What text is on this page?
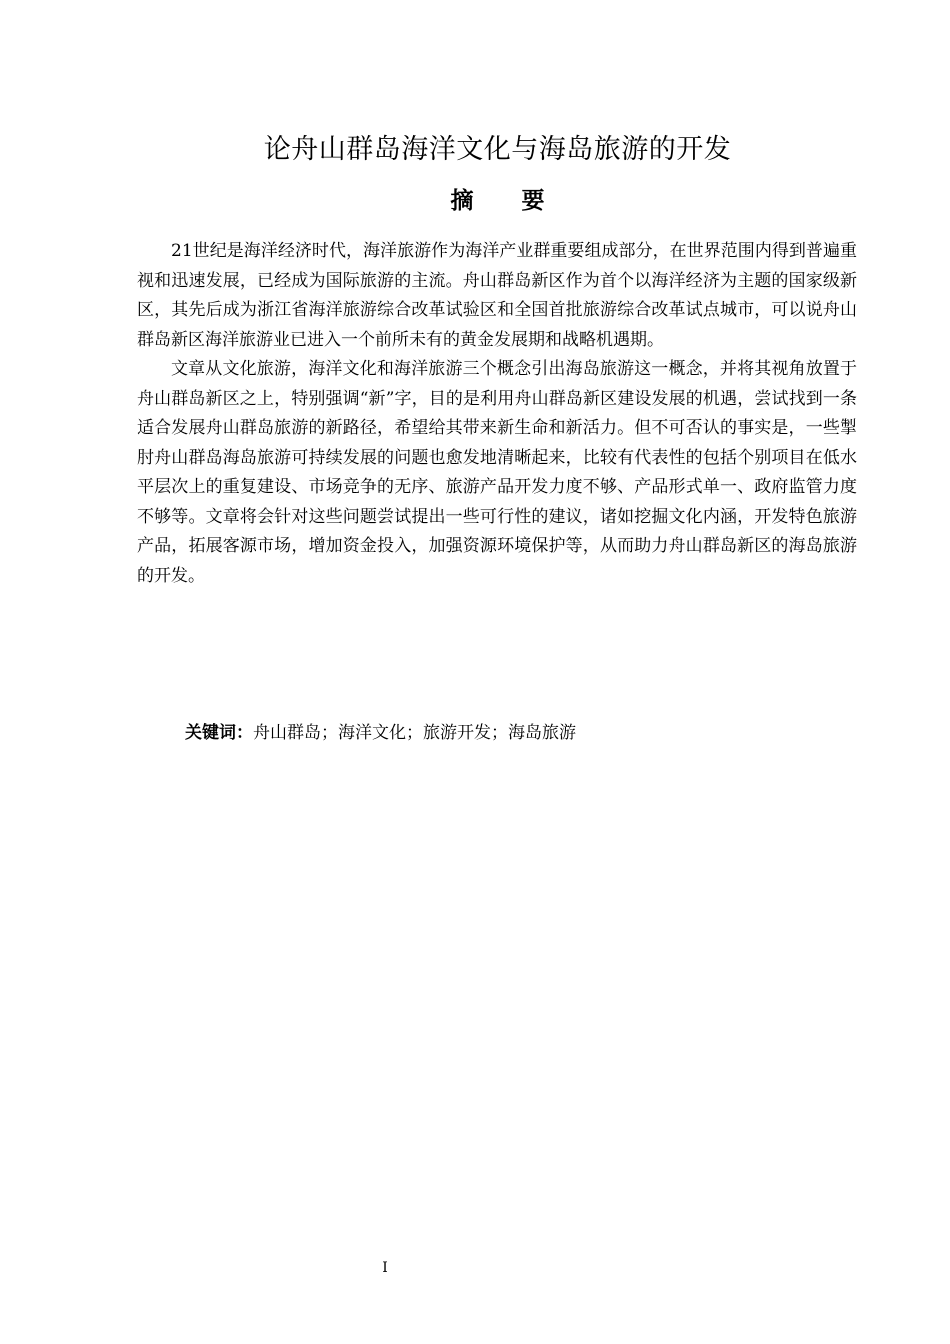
论舟山群岛海洋文化与海岛旅游的开发
摘要

21世纪是海洋经济时代，海洋旅游作为海洋产业群重要组成部分，在世界范围内得到普遍重视和迅速发展，已经成为国际旅游的主流。舟山群岛新区作为首个以海洋经济为主题的国家级新区，其先后成为浙江省海洋旅游综合改革试验区和全国首批旅游综合改革试点城市，可以说舟山群岛新区海洋旅游业已进入一个前所未有的黄金发展期和战略机遇期。

文章从文化旅游，海洋文化和海洋旅游三个概念引出海岛旅游这一概念，并将其视角放置于舟山群岛新区之上，特别强调“新”字，目的是利用舟山群岛新区建设发展的机遇，尝试找到一条适合发展舟山群岛旅游的新路径，希望给其带来新生命和新活力。但不可否认的事实是，一些掣肘舟山群岛海岛旅游可持续发展的问题也愈发地清晰起来，比较有代表性的包括个别项目在低水平层次上的重复建设、市场竞争的无序、旅游产品开发力度不够、产品形式单一、政府监管力度不够等。文章将会针对这些问题尝试提出一些可行性的建议，诸如挖掘文化内涵，开发特色旅游产品，拓展客源市场，增加资金投入，加强资源环境保护等，从而助力舟山群岛新区的海岛旅游的开发。

关键词：舟山群岛；海洋文化；旅游开发；海岛旅游
I
